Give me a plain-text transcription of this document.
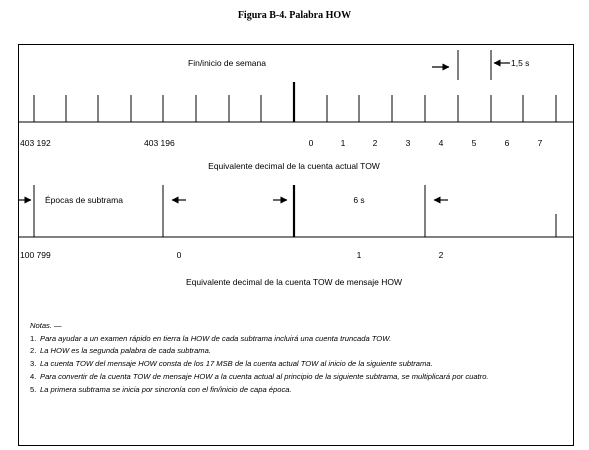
Figura B-4. Palabra HOW
Fin/inicio de semana	1,5 s
403 192	403 196	0	1	2	3	4	5	6	7
Equivalente decimal de la cuenta actual TOW
Épocas de subtrama	6 s
100 799	0	1	2
Equivalente decimal de la cuenta TOW de mensaje HOW
Notas. —
1. Para ayudar a un examen rápido en tierra la HOW de cada subtrama incluirá una cuenta truncada TOW.
2. La HOW es la segunda palabra de cada subtrama.
3. La cuenta TOW del mensaje HOW consta de los 17 MSB de la cuenta actual TOW al inicio de la siguiente subtrama.
4. Para convertir de la cuenta TOW de mensaje HOW a la cuenta actual al principio de la siguiente subtrama, se multiplicará por cuatro.
5. La primera subtrama se inicia por sincronía con el fin/inicio de capa época.
